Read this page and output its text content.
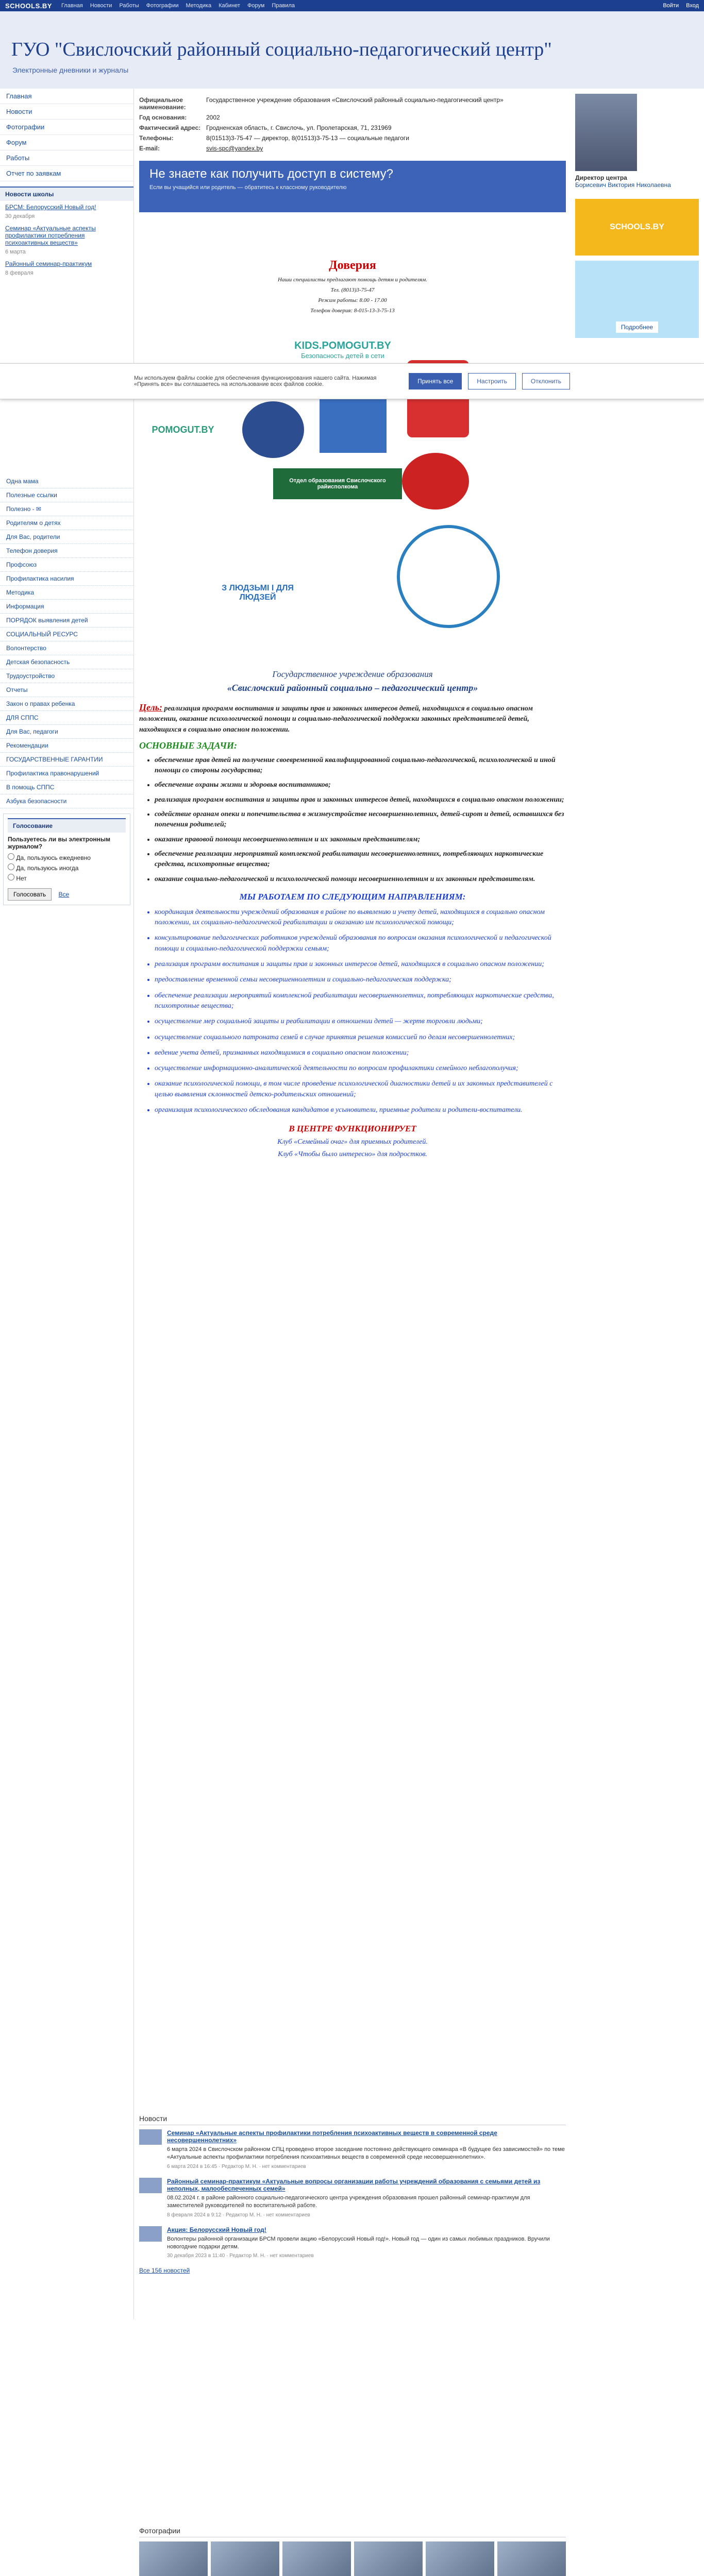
SCHOOLS.BY Главная Новости Работы Фотографии Методика Кабинет Форум Правила	Войти Вход
ГУО "Свислочский районный социально-педагогический центр"
Электронные дневники и журналы
Главная
Новости
Фотографии
Форум
Работы
Отчет по заявкам
Новости школы
БРСМ: Белорусский Новый год!
30 декабря
Семинар «Актуальные аспекты профилактики потребления психоактивных веществ»
6 марта
Районный семинар-практикум
8 февраля
Одна мама
Полезные ссылки
Полезно - ✉
Родителям о детях
Для Вас, родители
Телефон доверия
Профсоюз
Профилактика насилия
Методика
Информация
ПОРЯДОК выявления детей
СОЦИАЛЬНЫЙ РЕСУРС
Волонтерство
Детская безопасность
Трудоустройство
Отчеты
Закон о правах ребенка
ДЛЯ СППС
Для Вас, педагоги
Рекомендации
ГОСУДАРСТВЕННЫЕ ГАРАНТИИ
Профилактика правонарушений
В помощь СППС
Азбука безопасности
Голосование
Пользуетесь ли вы электронным журналом?
Да, пользуюсь ежедневно
Да, пользуюсь иногда
Нет
Голосовать Все
Директор центра
Борисевич Виктория Николаевна
SCHOOLS.BY
Подробнее
Официальное наименование:
Государственное учреждение образования «Свислочский районный социально-педагогический центр»
Год основания:	2002
Фактический адрес: Гродненская область, г. Свислочь, ул. Пролетарская, 71, 231969
Телефоны:	8(01513)3-75-47 — директор, 8(01513)3-75-13 — социальные педагоги
E-mail:	svis-spc@yandex.by
Не знаете как получить доступ в систему?
Если вы учащийся или родитель — обратитесь к классному руководителю
Доверия

Наши специалисты предлагают помощь детям и родителям.

Тел. (8013)3-75-47

Режим работы: 8.00 - 17.00

Телефон доверия: 8-015-13-3-75-13

KIDS.POMOGUT.BY
Безопасность детей в сети
POMOGUT.BY
Отдел образования Свислочского райисполкома
З ЛЮДЗЬМІ І ДЛЯ ЛЮДЗЕЙ
Государственное учреждение образования
«Свислочский районный социально – педагогический центр»
Цель: реализация программ воспитания и защиты прав и законных интересов детей, находящихся в социально опасном положении, оказание психологической помощи и социально-педагогической поддержки законных представителей детей, находящихся в социально опасном положении.
ОСНОВНЫЕ ЗАДАЧИ:
• обеспечение прав детей на получение своевременной квалифицированной социально-педагогической, психологической и иной помощи со стороны государства;
• обеспечение охраны жизни и здоровья воспитанников;
• реализация программ воспитания и защиты прав и законных интересов детей, находящихся в социально опасном положении;
• содействие органам опеки и попечительства в жизнеустройстве несовершеннолетних, детей-сирот и детей, оставшихся без попечения родителей;
• оказание правовой помощи несовершеннолетним и их законным представителям;
• обеспечение реализации мероприятий комплексной реабилитации несовершеннолетних, потребляющих наркотические средства, психотропные вещества;
• оказание социально-педагогической и психологической помощи несовершеннолетним и их законным представителям.
МЫ РАБОТАЕМ ПО СЛЕДУЮЩИМ НАПРАВЛЕНИЯМ:
• координация деятельности учреждений образования в районе по выявлению и учету детей, находящихся в социально опасном положении, их социально-педагогической реабилитации и оказанию им психологической помощи;
• консультирование педагогических работников учреждений образования по вопросам оказания психологической и педагогической помощи и социально-педагогической поддержки семьям;
• реализация программ воспитания и защиты прав и законных интересов детей, находящихся в социально опасном положении;
• предоставление временной семьи несовершеннолетним и социально-педагогическая поддержка;
• обеспечение реализации мероприятий комплексной реабилитации несовершеннолетних, потребляющих наркотические средства, психотропные вещества;
• осуществление мер социальной защиты и реабилитации в отношении детей — жертв торговли людьми;
• осуществление социального патроната семей в случае принятия решения комиссией по делам несовершеннолетних;
• ведение учета детей, признанных находящимися в социально опасном положении;
• осуществление информационно-аналитической деятельности по вопросам профилактики семейного неблагополучия;
• оказание психологической помощи, в том числе проведение психологической диагностики детей и их законных представителей с целью выявления склонностей детско-родительских отношений;
• организация психологического обследования кандидатов в усыновители, приемные родители и родители-воспитатели.
В ЦЕНТРЕ ФУНКЦИОНИРУЕТ
Клуб «Семейный очаг» для приемных родителей.
Клуб «Чтобы было интересно» для подростков.
Мы используем файлы cookie для обеспечения функционирования нашего сайта. Нажимая «Принять все» вы соглашаетесь на использование всех файлов cookie.	Принять все	Настроить	Отклонить
Новости
Семинар «Актуальные аспекты профилактики потребления психоактивных веществ в современной среде несовершеннолетних»
6 марта 2024 в Свислочском районном СПЦ проведено второе заседание постоянно действующего семинара «В будущее без зависимостей» по теме «Актуальные аспекты профилактики потребления психоактивных веществ в современной среде несовершеннолетних».
6 марта 2024 в 16:45 · Редактор М. Н. · нет комментариев
Районный семинар-практикум «Актуальные вопросы организации работы учреждений образования с семьями детей из неполных, малообеспеченных семей»
08.02.2024 г. в районе районного социально-педагогического центра учреждения образования прошел районный семинар-практикум для заместителей руководителей по воспитательной работе.
8 февраля 2024 в 9:12 · Редактор М. Н. · нет комментариев
Акция: Белорусский Новый год!
Волонтеры районной организации БРСМ провели акцию «Белорусский Новый год!». Новый год — один из самых любимых праздников. Вручили новогодние подарки детям.
30 декабря 2023 в 11:40 · Редактор М. Н. · нет комментариев
Все 156 новостей
Фотографии
